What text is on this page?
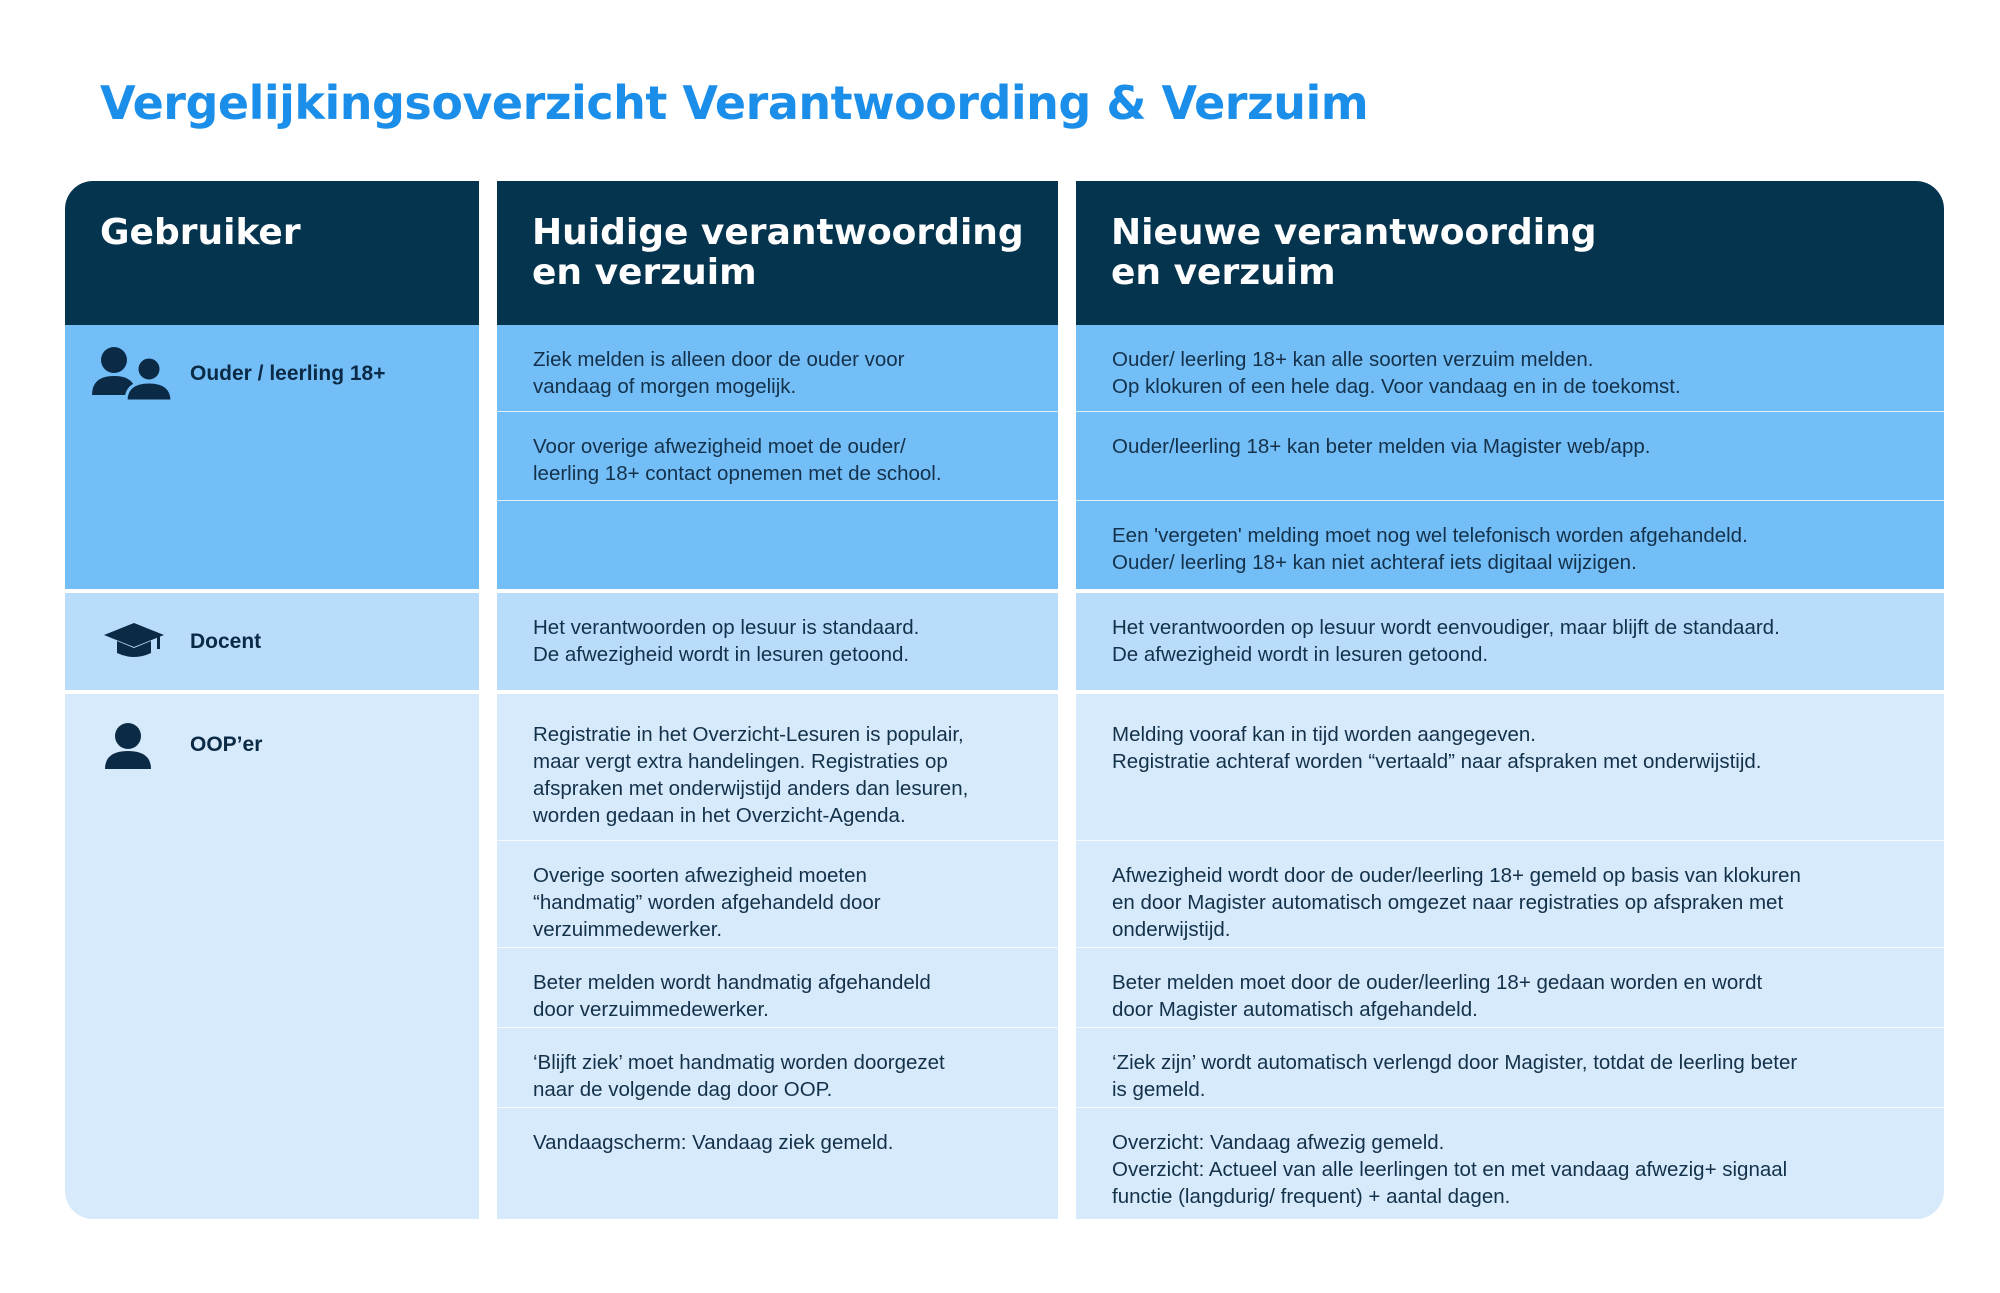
Vergelijkingsoverzicht Verantwoording & Verzuim
Gebruiker
Ouder / leerling 18+
Docent
OOP’er
Huidige verantwoording
en verzuim
Ziek melden is alleen door de ouder voor
vandaag of morgen mogelijk.
Voor overige afwezigheid moet de ouder/
leerling 18+ contact opnemen met de school.
Het verantwoorden op lesuur is standaard.
De afwezigheid wordt in lesuren getoond.
Registratie in het Overzicht-Lesuren is populair,
maar vergt extra handelingen. Registraties op
afspraken met onderwijstijd anders dan lesuren,
worden gedaan in het Overzicht-Agenda.
Overige soorten afwezigheid moeten
“handmatig” worden afgehandeld door
verzuimmedewerker.
Beter melden wordt handmatig afgehandeld
door verzuimmedewerker.
‘Blijft ziek’ moet handmatig worden doorgezet
naar de volgende dag door OOP.
Vandaagscherm: Vandaag ziek gemeld.
Nieuwe verantwoording
en verzuim
Ouder/ leerling 18+ kan alle soorten verzuim melden.
Op klokuren of een hele dag. Voor vandaag en in de toekomst.
Ouder/leerling 18+ kan beter melden via Magister web/app.
Een 'vergeten' melding moet nog wel telefonisch worden afgehandeld.
Ouder/ leerling 18+ kan niet achteraf iets digitaal wijzigen.
Het verantwoorden op lesuur wordt eenvoudiger, maar blijft de standaard.
De afwezigheid wordt in lesuren getoond.
Melding vooraf kan in tijd worden aangegeven.
Registratie achteraf worden “vertaald” naar afspraken met onderwijstijd.
Afwezigheid wordt door de ouder/leerling 18+ gemeld op basis van klokuren
en door Magister automatisch omgezet naar registraties op afspraken met
onderwijstijd.
Beter melden moet door de ouder/leerling 18+ gedaan worden en wordt
door Magister automatisch afgehandeld.
‘Ziek zijn’ wordt automatisch verlengd door Magister, totdat de leerling beter
is gemeld.
Overzicht: Vandaag afwezig gemeld.
Overzicht: Actueel van alle leerlingen tot en met vandaag afwezig+ signaal
functie (langdurig/ frequent) + aantal dagen.
